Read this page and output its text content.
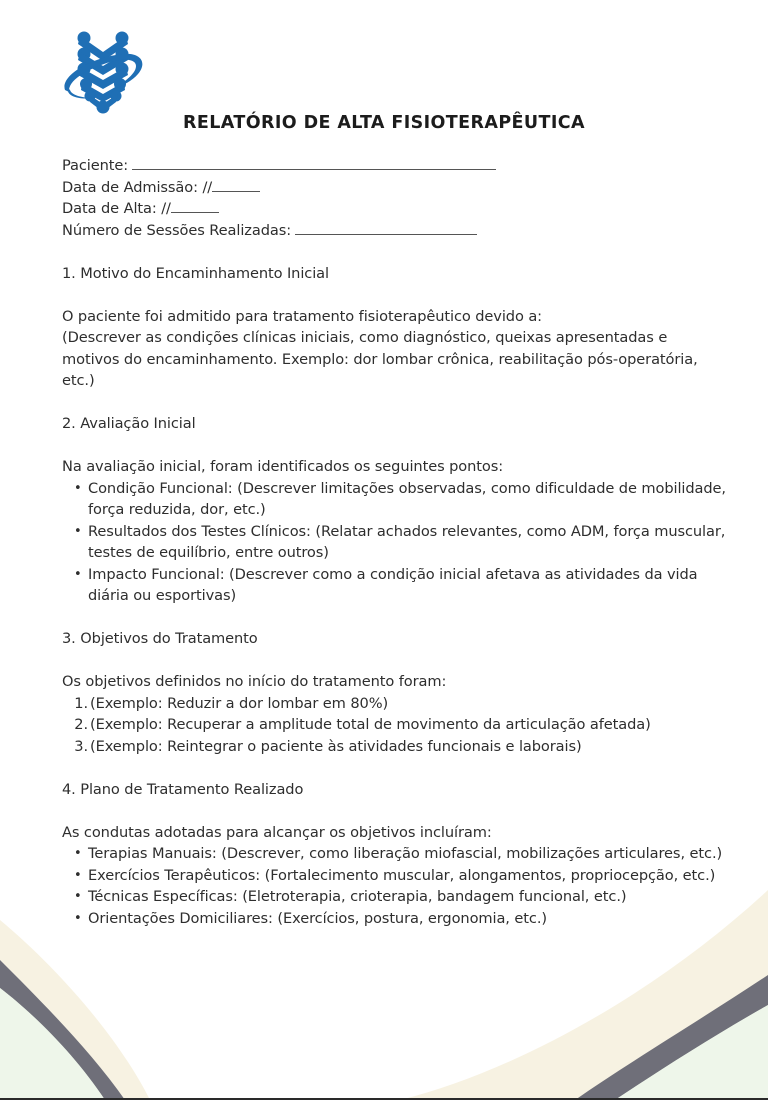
RELATÓRIO DE ALTA FISIOTERAPÊUTICA
Paciente:
Data de Admissão: //
Data de Alta: //
Número de Sessões Realizadas:
1. Motivo do Encaminhamento Inicial
O paciente foi admitido para tratamento fisioterapêutico devido a:
(Descrever as condições clínicas iniciais, como diagnóstico, queixas apresentadas e motivos do encaminhamento. Exemplo: dor lombar crônica, reabilitação pós-operatória, etc.)
2. Avaliação Inicial
Na avaliação inicial, foram identificados os seguintes pontos:
• Condição Funcional: (Descrever limitações observadas, como dificuldade de mobilidade, força reduzida, dor, etc.)
• Resultados dos Testes Clínicos: (Relatar achados relevantes, como ADM, força muscular, testes de equilíbrio, entre outros)
• Impacto Funcional: (Descrever como a condição inicial afetava as atividades da vida diária ou esportivas)
3. Objetivos do Tratamento
Os objetivos definidos no início do tratamento foram:
1. (Exemplo: Reduzir a dor lombar em 80%)
2. (Exemplo: Recuperar a amplitude total de movimento da articulação afetada)
3. (Exemplo: Reintegrar o paciente às atividades funcionais e laborais)
4. Plano de Tratamento Realizado
As condutas adotadas para alcançar os objetivos incluíram:
• Terapias Manuais: (Descrever, como liberação miofascial, mobilizações articulares, etc.)
• Exercícios Terapêuticos: (Fortalecimento muscular, alongamentos, propriocepção, etc.)
• Técnicas Específicas: (Eletroterapia, crioterapia, bandagem funcional, etc.)
• Orientações Domiciliares: (Exercícios, postura, ergonomia, etc.)
